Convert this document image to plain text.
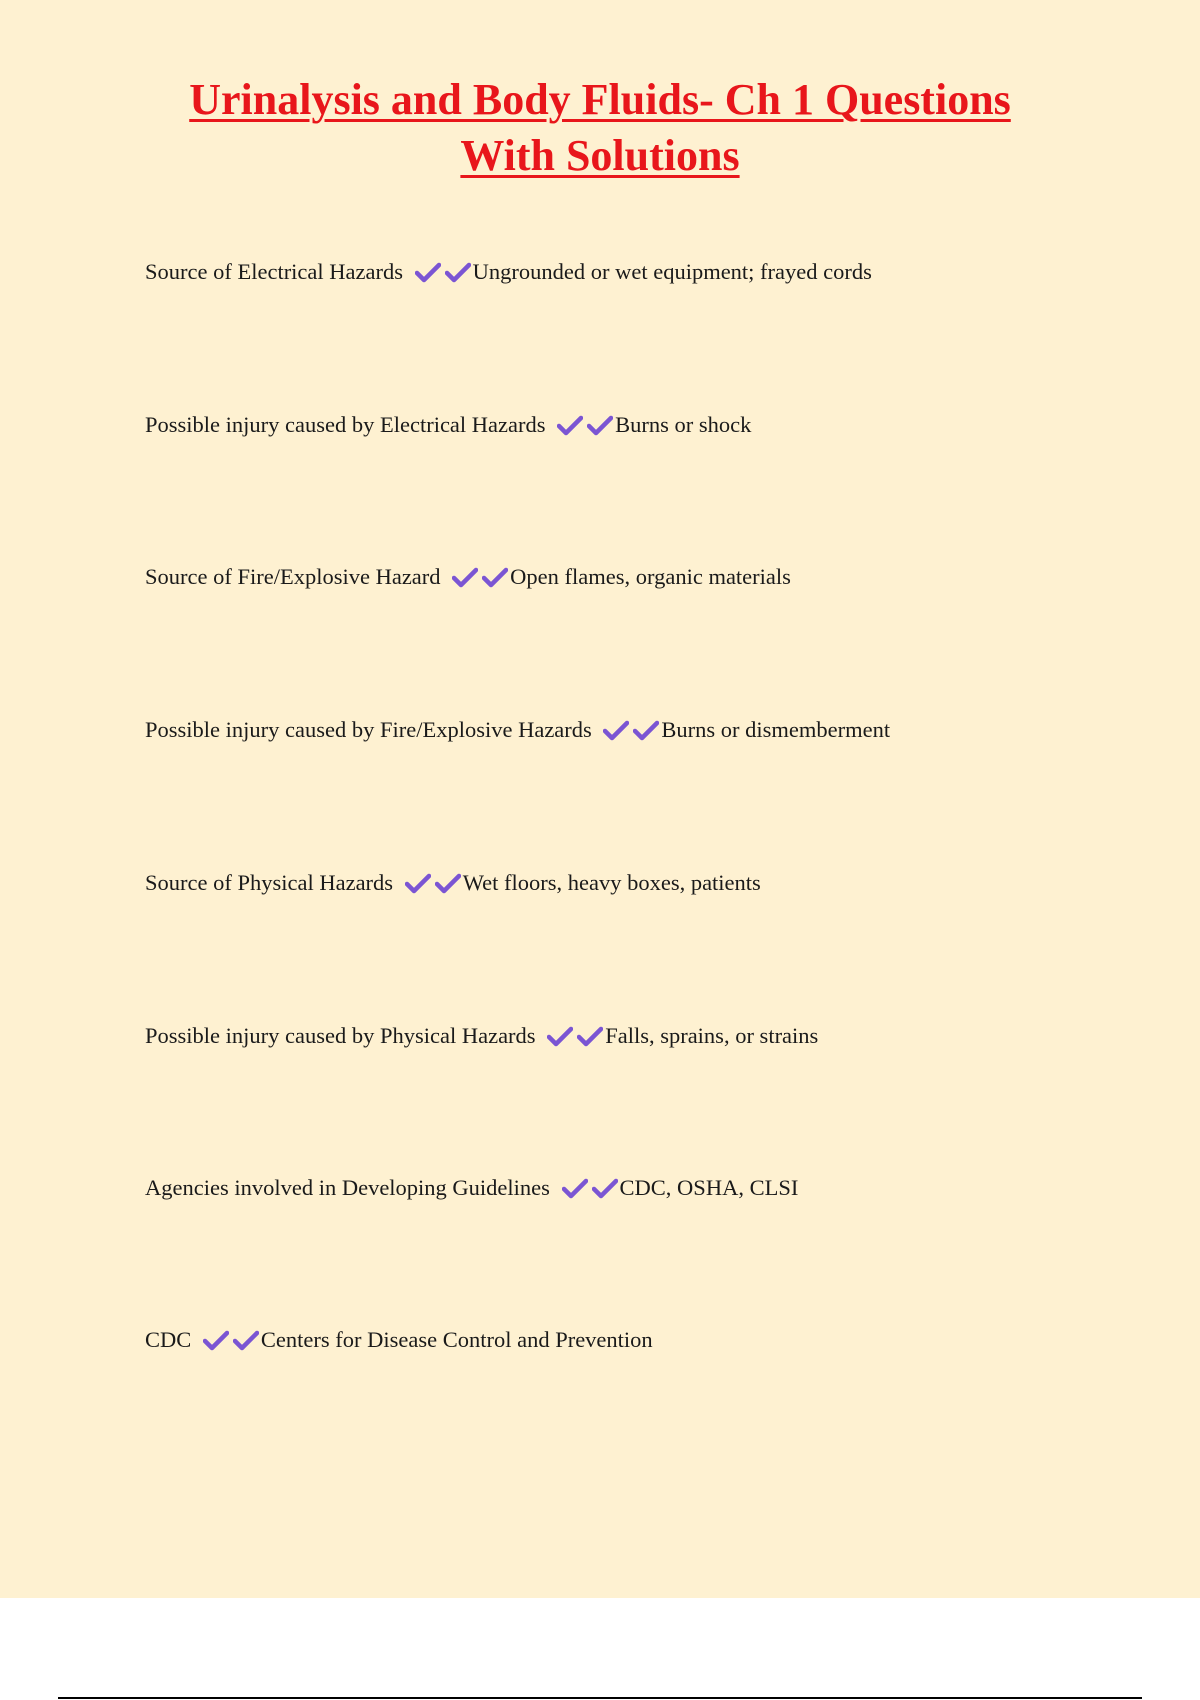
Urinalysis and Body Fluids- Ch 1 Questions
With Solutions

Source of Electrical Hazards	Ungrounded or wet equipment; frayed cords

Possible injury caused by Electrical Hazards	Burns or shock

Source of Fire/Explosive Hazard	Open flames, organic materials

Possible injury caused by Fire/Explosive Hazards	Burns or dismemberment

Source of Physical Hazards	Wet floors, heavy boxes, patients

Possible injury caused by Physical Hazards	Falls, sprains, or strains

Agencies involved in Developing Guidelines	CDC, OSHA, CLSI

CDC	Centers for Disease Control and Prevention
